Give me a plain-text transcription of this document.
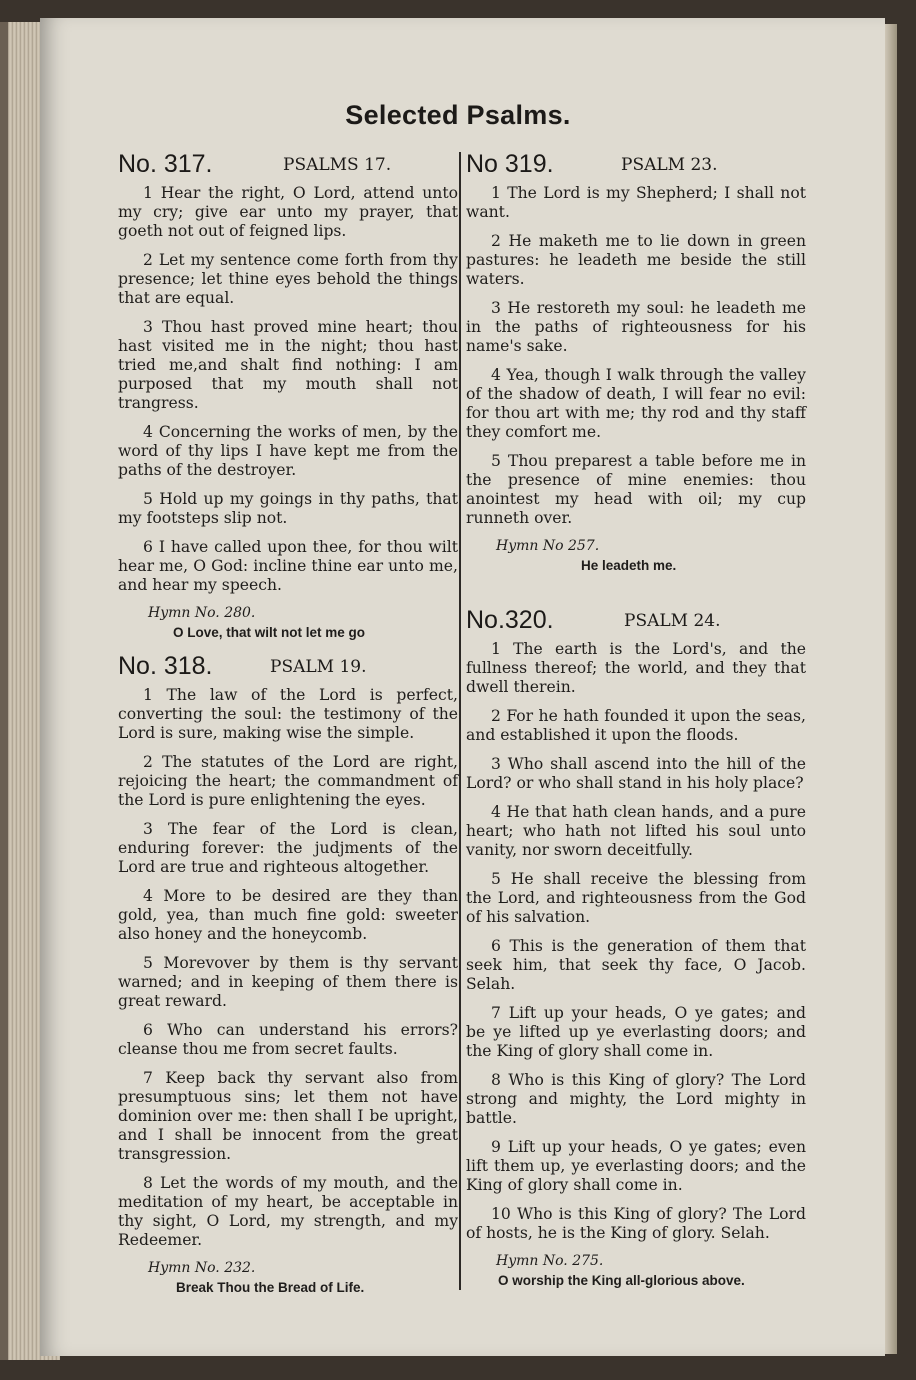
Selected Psalms.
No. 317.	PSALMS 17.

1 Hear the right, O Lord, attend unto my cry; give ear unto my prayer, that goeth not out of feigned lips.

2 Let my sentence come forth from thy presence; let thine eyes behold the things that are equal.

3 Thou hast proved mine heart; thou hast visited me in the night; thou hast tried me,and shalt find nothing: I am purposed that my mouth shall not trangress.

4 Concerning the works of men, by the word of thy lips I have kept me from the paths of the destroyer.

5 Hold up my goings in thy paths, that my footsteps slip not.

6 I have called upon thee, for thou wilt hear me, O God: incline thine ear unto me, and hear my speech.

Hymn No. 280.
O Love, that wilt not let me go
No. 318.	PSALM 19.

1 The law of the Lord is perfect, converting the soul: the testimony of the Lord is sure, making wise the simple.

2 The statutes of the Lord are right, rejoicing the heart; the commandment of the Lord is pure enlightening the eyes.

3 The fear of the Lord is clean, enduring forever: the judjments of the Lord are true and righteous altogether.

4 More to be desired are they than gold, yea, than much fine gold: sweeter also honey and the honeycomb.

5 Morevover by them is thy servant warned; and in keeping of them there is great reward.

6 Who can understand his errors? cleanse thou me from secret faults.

7 Keep back thy servant also from presumptuous sins; let them not have dominion over me: then shall I be upright, and I shall be innocent from the great transgression.

8 Let the words of my mouth, and the meditation of my heart, be acceptable in thy sight, O Lord, my strength, and my Redeemer.

Hymn No. 232.
Break Thou the Bread of Life.
No 319.	PSALM 23.

1 The Lord is my Shepherd; I shall not want.

2 He maketh me to lie down in green pastures: he leadeth me beside the still waters.

3 He restoreth my soul: he leadeth me in the paths of righteousness for his name's sake.

4 Yea, though I walk through the valley of the shadow of death, I will fear no evil: for thou art with me; thy rod and thy staff they comfort me.

5 Thou preparest a table before me in the presence of mine enemies: thou anointest my head with oil; my cup runneth over.

Hymn No 257.
He leadeth me.
No.320.	PSALM 24.

1 The earth is the Lord's, and the fullness thereof; the world, and they that dwell therein.

2 For he hath founded it upon the seas, and established it upon the floods.

3 Who shall ascend into the hill of the Lord? or who shall stand in his holy place?

4 He that hath clean hands, and a pure heart; who hath not lifted his soul unto vanity, nor sworn deceitfully.

5 He shall receive the blessing from the Lord, and righteousness from the God of his salvation.

6 This is the generation of them that seek him, that seek thy face, O Jacob. Selah.

7 Lift up your heads, O ye gates; and be ye lifted up ye everlasting doors; and the King of glory shall come in.

8 Who is this King of glory? The Lord strong and mighty, the Lord mighty in battle.

9 Lift up your heads, O ye gates; even lift them up, ye everlasting doors; and the King of glory shall come in.

10 Who is this King of glory? The Lord of hosts, he is the King of glory. Selah.

Hymn No. 275.
O worship the King all-glorious above.
